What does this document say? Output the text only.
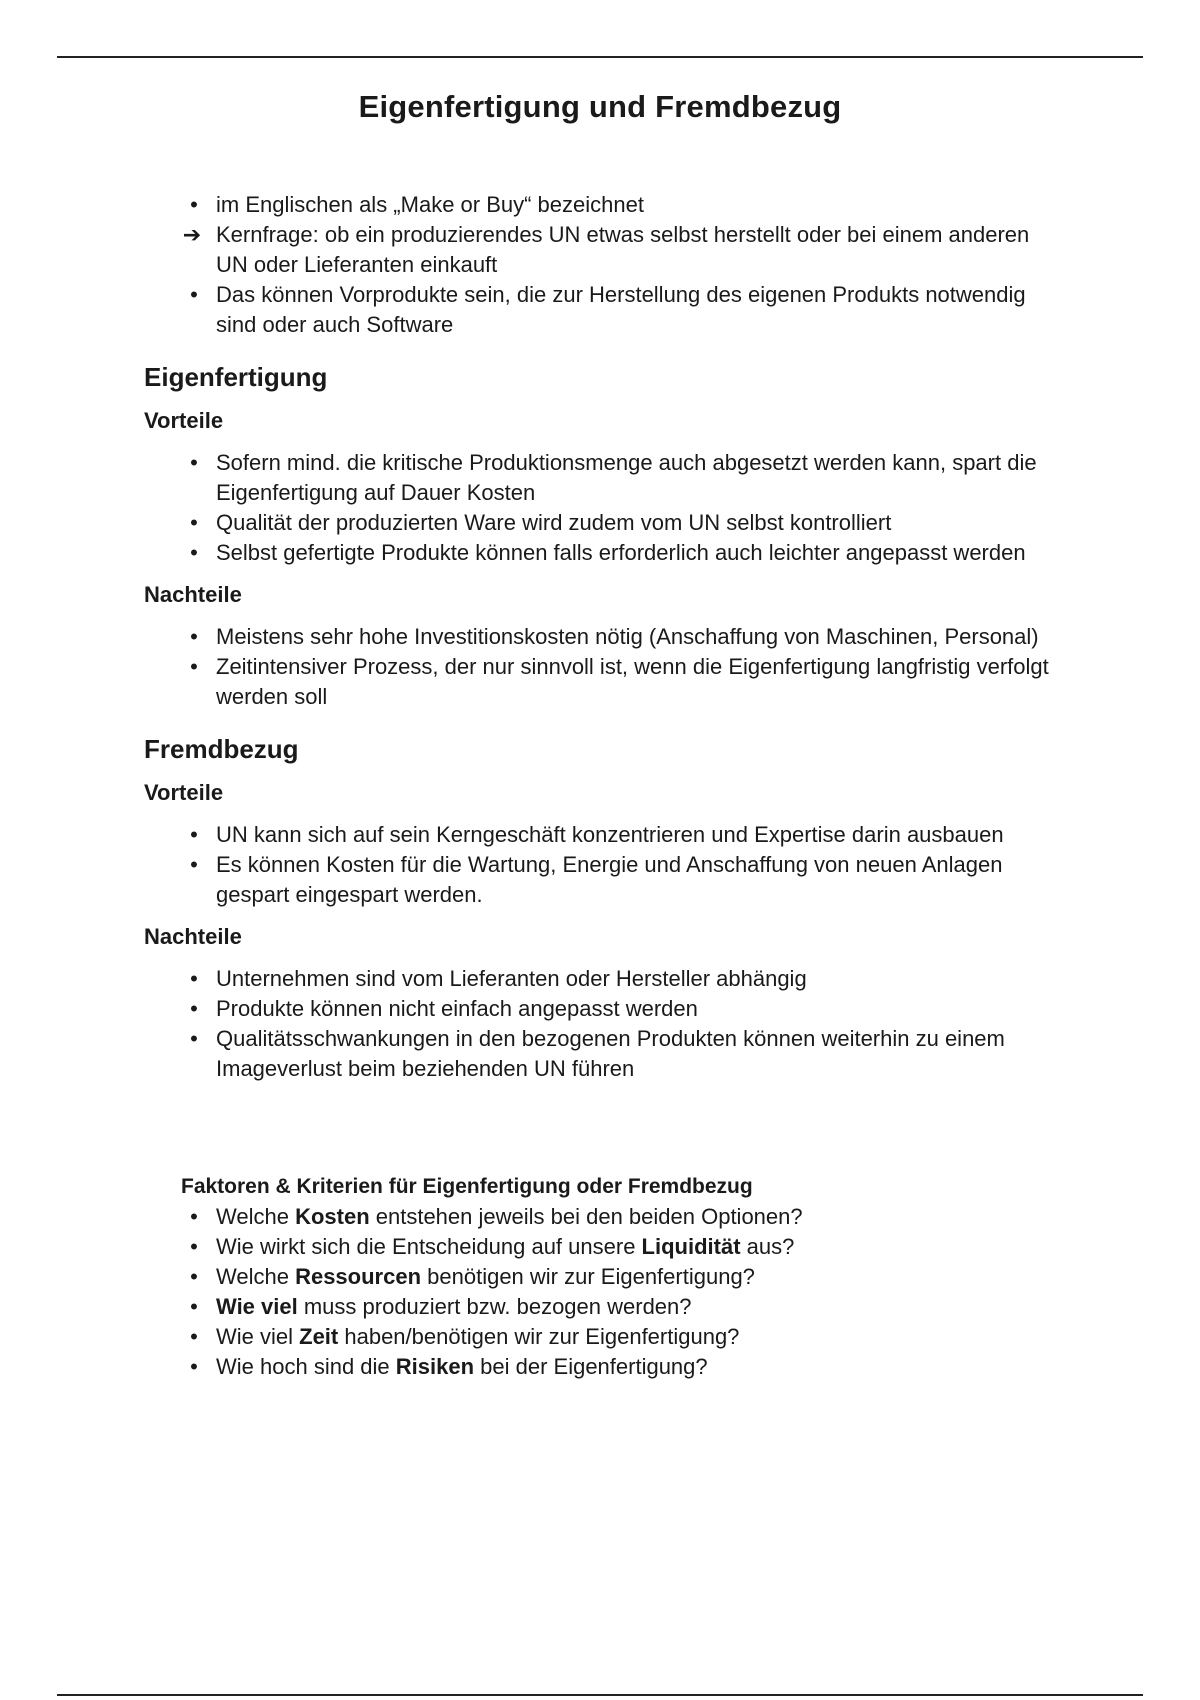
Eigenfertigung und Fremdbezug
• im Englischen als „Make or Buy“ bezeichnet
➔ Kernfrage: ob ein produzierendes UN etwas selbst herstellt oder bei einem anderen UN oder Lieferanten einkauft
• Das können Vorprodukte sein, die zur Herstellung des eigenen Produkts notwendig sind oder auch Software
Eigenfertigung
Vorteile
• Sofern mind. die kritische Produktionsmenge auch abgesetzt werden kann, spart die Eigenfertigung auf Dauer Kosten
• Qualität der produzierten Ware wird zudem vom UN selbst kontrolliert
• Selbst gefertigte Produkte können falls erforderlich auch leichter angepasst werden
Nachteile
• Meistens sehr hohe Investitionskosten nötig (Anschaffung von Maschinen, Personal)
• Zeitintensiver Prozess, der nur sinnvoll ist, wenn die Eigenfertigung langfristig verfolgt werden soll
Fremdbezug
Vorteile
• UN kann sich auf sein Kerngeschäft konzentrieren und Expertise darin ausbauen
• Es können Kosten für die Wartung, Energie und Anschaffung von neuen Anlagen gespart eingespart werden.
Nachteile
• Unternehmen sind vom Lieferanten oder Hersteller abhängig
• Produkte können nicht einfach angepasst werden
• Qualitätsschwankungen in den bezogenen Produkten können weiterhin zu einem Imageverlust beim beziehenden UN führen
Faktoren & Kriterien für Eigenfertigung oder Fremdbezug
• Welche Kosten entstehen jeweils bei den beiden Optionen?
• Wie wirkt sich die Entscheidung auf unsere Liquidität aus?
• Welche Ressourcen benötigen wir zur Eigenfertigung?
• Wie viel muss produziert bzw. bezogen werden?
• Wie viel Zeit haben/benötigen wir zur Eigenfertigung?
• Wie hoch sind die Risiken bei der Eigenfertigung?
